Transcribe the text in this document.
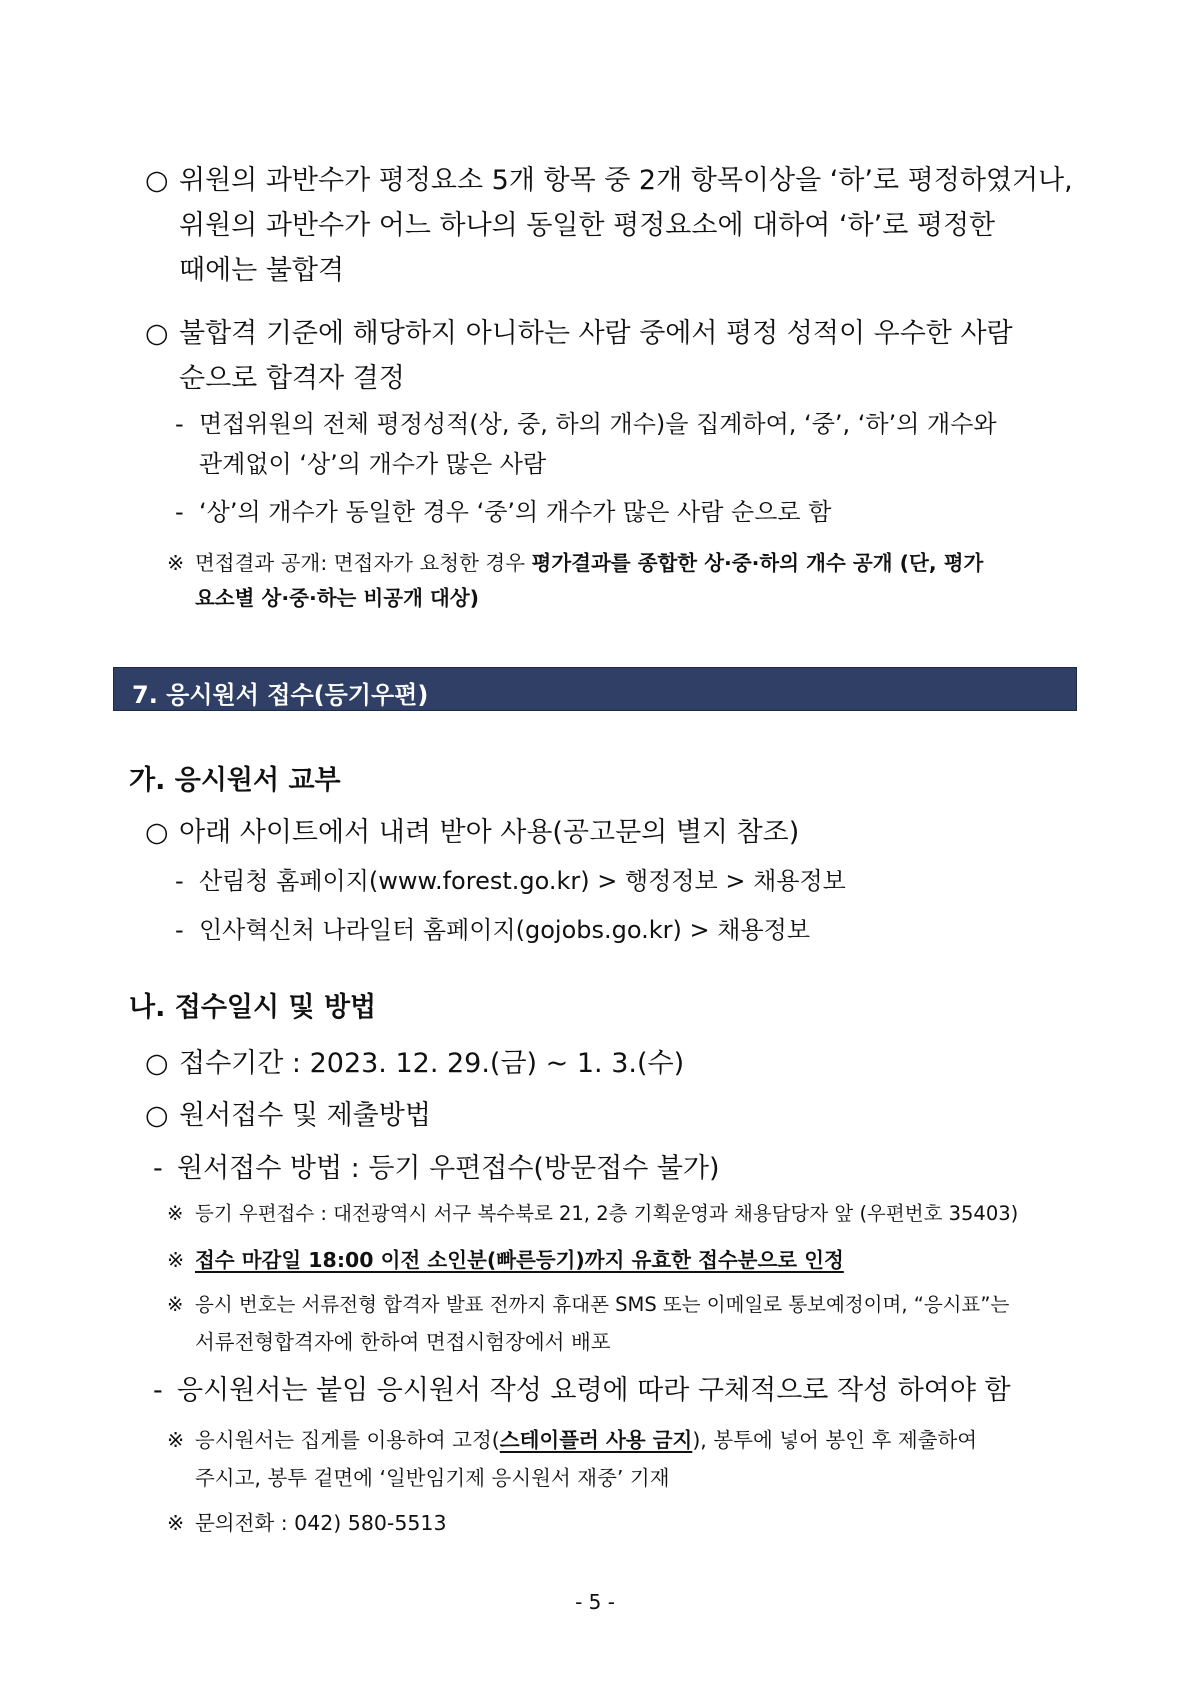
○ 위원의 과반수가 평정요소 5개 항목 중 2개 항목이상을 ‘하’로 평정하였거나,
위원의 과반수가 어느 하나의 동일한 평정요소에 대하여 ‘하’로 평정한
때에는 불합격
○ 불합격 기준에 해당하지 아니하는 사람 중에서 평정 성적이 우수한 사람
순으로 합격자 결정
- 면접위원의 전체 평정성적(상, 중, 하의 개수)을 집계하여, ‘중’, ‘하’의 개수와
관계없이 ‘상’의 개수가 많은 사람
- ‘상’의 개수가 동일한 경우 ‘중’의 개수가 많은 사람 순으로 함
※ 면접결과 공개: 면접자가 요청한 경우 평가결과를 종합한 상·중·하의 개수 공개 (단, 평가
요소별 상·중·하는 비공개 대상)
7. 응시원서 접수(등기우편)
가. 응시원서 교부
○ 아래 사이트에서 내려 받아 사용(공고문의 별지 참조)
- 산림청 홈페이지(www.forest.go.kr) > 행정정보 > 채용정보
- 인사혁신처 나라일터 홈페이지(gojobs.go.kr) > 채용정보
나. 접수일시 및 방법
○ 접수기간 : 2023. 12. 29.(금) ~ 1. 3.(수)
○ 원서접수 및 제출방법
- 원서접수 방법 : 등기 우편접수(방문접수 불가)
※ 등기 우편접수 : 대전광역시 서구 복수북로 21, 2층 기획운영과 채용담당자 앞 (우편번호 35403)
※ 접수 마감일 18:00 이전 소인분(빠른등기)까지 유효한 접수분으로 인정
※ 응시 번호는 서류전형 합격자 발표 전까지 휴대폰 SMS 또는 이메일로 통보예정이며, “응시표”는
서류전형합격자에 한하여 면접시험장에서 배포
- 응시원서는 붙임 응시원서 작성 요령에 따라 구체적으로 작성 하여야 함
※ 응시원서는 집게를 이용하여 고정(스테이플러 사용 금지), 봉투에 넣어 봉인 후 제출하여
주시고, 봉투 겉면에 ‘일반임기제 응시원서 재중’ 기재
※ 문의전화 : 042) 580-5513
- 5 -
